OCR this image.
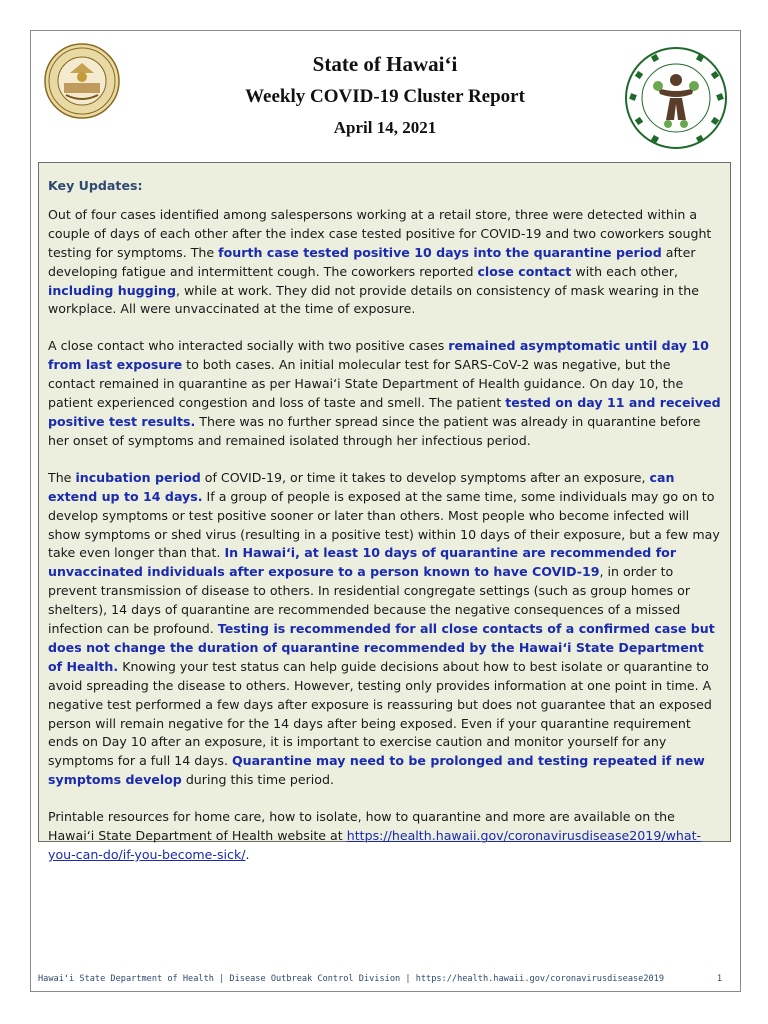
State of Hawaiʻi
Weekly COVID-19 Cluster Report
April 14, 2021
Key Updates:

Out of four cases identified among salespersons working at a retail store, three were detected within a couple of days of each other after the index case tested positive for COVID-19 and two coworkers sought testing for symptoms. The fourth case tested positive 10 days into the quarantine period after developing fatigue and intermittent cough. The coworkers reported close contact with each other, including hugging, while at work. They did not provide details on consistency of mask wearing in the workplace. All were unvaccinated at the time of exposure.

A close contact who interacted socially with two positive cases remained asymptomatic until day 10 from last exposure to both cases. An initial molecular test for SARS-CoV-2 was negative, but the contact remained in quarantine as per Hawaiʻi State Department of Health guidance. On day 10, the patient experienced congestion and loss of taste and smell. The patient tested on day 11 and received positive test results. There was no further spread since the patient was already in quarantine before her onset of symptoms and remained isolated through her infectious period.

The incubation period of COVID-19, or time it takes to develop symptoms after an exposure, can extend up to 14 days. If a group of people is exposed at the same time, some individuals may go on to develop symptoms or test positive sooner or later than others. Most people who become infected will show symptoms or shed virus (resulting in a positive test) within 10 days of their exposure, but a few may take even longer than that. In Hawaiʻi, at least 10 days of quarantine are recommended for unvaccinated individuals after exposure to a person known to have COVID-19, in order to prevent transmission of disease to others. In residential congregate settings (such as group homes or shelters), 14 days of quarantine are recommended because the negative consequences of a missed infection can be profound. Testing is recommended for all close contacts of a confirmed case but does not change the duration of quarantine recommended by the Hawaiʻi State Department of Health. Knowing your test status can help guide decisions about how to best isolate or quarantine to avoid spreading the disease to others. However, testing only provides information at one point in time. A negative test performed a few days after exposure is reassuring but does not guarantee that an exposed person will remain negative for the 14 days after being exposed. Even if your quarantine requirement ends on Day 10 after an exposure, it is important to exercise caution and monitor yourself for any symptoms for a full 14 days. Quarantine may need to be prolonged and testing repeated if new symptoms develop during this time period.

Printable resources for home care, how to isolate, how to quarantine and more are available on the Hawaiʻi State Department of Health website at https://health.hawaii.gov/coronavirusdisease2019/what-you-can-do/if-you-become-sick/.

Hawaiʻi State Department of Health | Disease Outbreak Control Division | https://health.hawaii.gov/coronavirusdisease2019	1
